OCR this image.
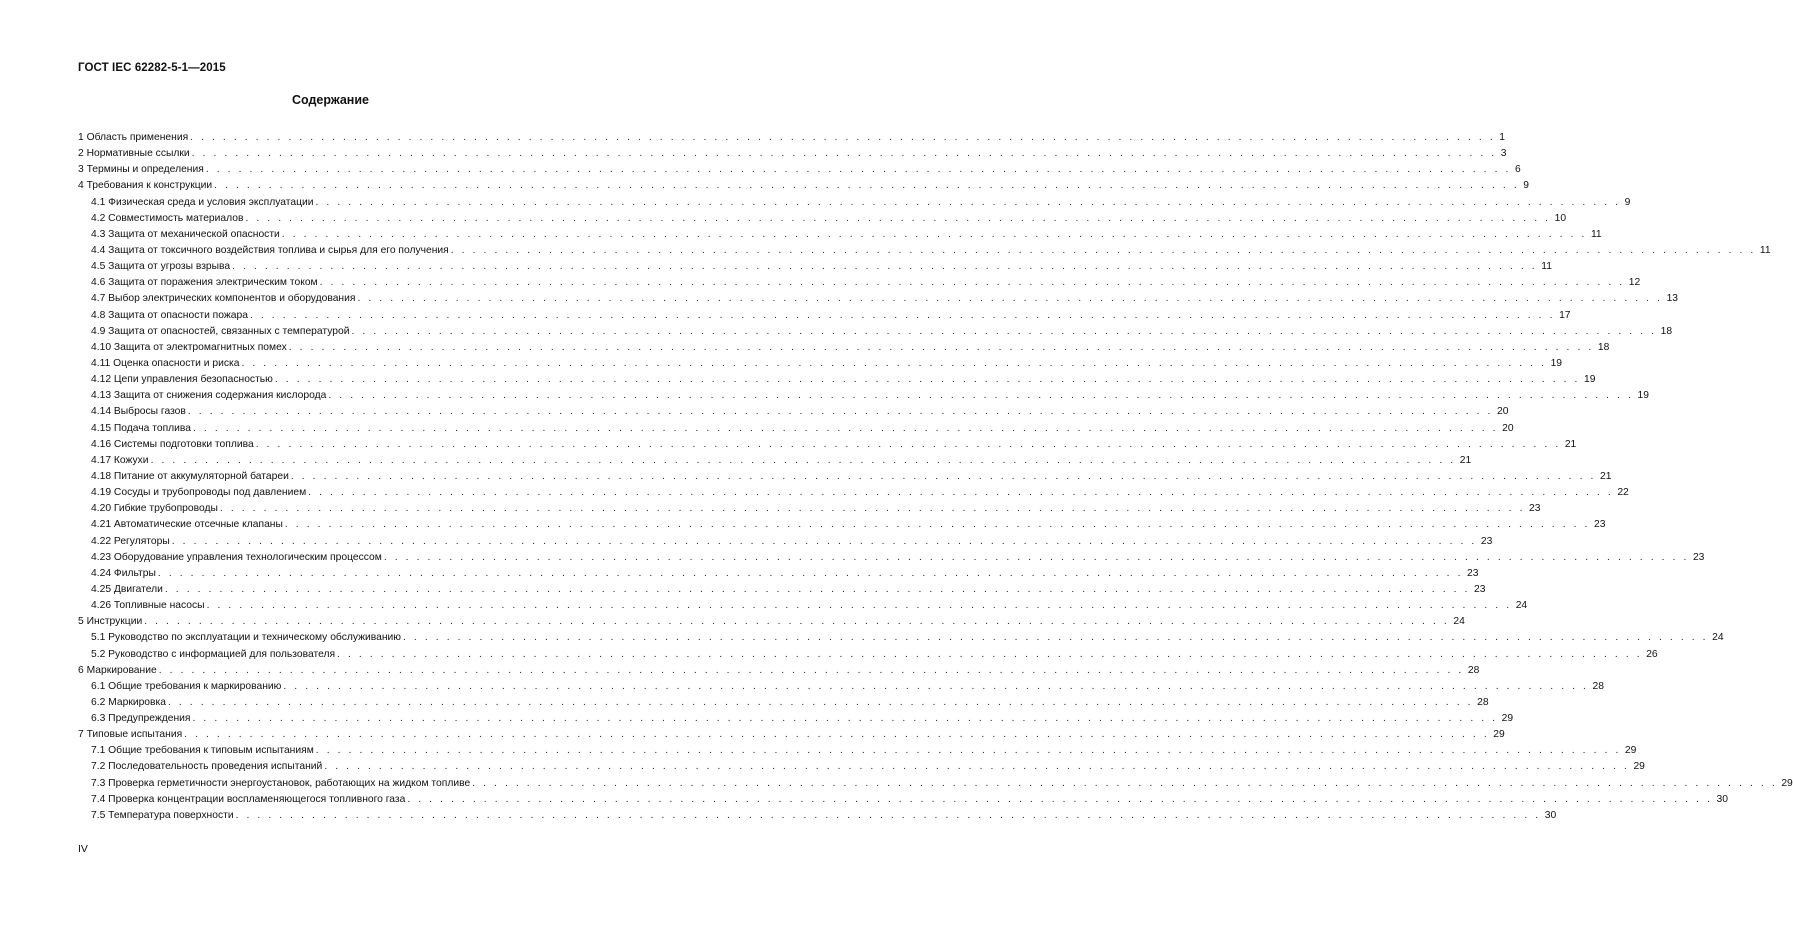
ГОСТ IEC 62282-5-1—2015
Содержание
1 Область применения . . . . . . . . . . . . . . . . . . . . . . . . . . . . . . . . . . . . . . . . . . . . . . . . . . . . . . . . . . . . . . . . . . . . . . . . . . . . . . . . . . . . . . . . . . . . . . . . . . . . . . . . . . . . . . . . . . . . . . . . 1
2 Нормативные ссылки . . . . . . . . . . . . . . . . . . . . . . . . . . . . . . . . . . . . . . . . . . . . . . . . . . . . . . . . . . . . . . . . . . . . . . . . . . . . . . . . . . . . . . . . . . . . . . . . . . . . . . . . . . . . . . . . . . . . . . . . 3
3 Термины и определения . . . . . . . . . . . . . . . . . . . . . . . . . . . . . . . . . . . . . . . . . . . . . . . . . . . . . . . . . . . . . . . . . . . . . . . . . . . . . . . . . . . . . . . . . . . . . . . . . . . . . . . . . . . . . . . . . . . . . . . . 6
4 Требования к конструкции . . . . . . . . . . . . . . . . . . . . . . . . . . . . . . . . . . . . . . . . . . . . . . . . . . . . . . . . . . . . . . . . . . . . . . . . . . . . . . . . . . . . . . . . . . . . . . . . . . . . . . . . . . . . . . . . . . . . . . . . 9
4.1 Физическая среда и условия эксплуатации . . . . . . . . . . . . . . . . . . . . . . . . . . . . . . . . . . . . . . . . . . . . . . . . . . . . . . . . . . . . . . . . . . . . . . . . . . . . . . . . . . . . . . . . . . . . . . . . . . . . . . . . . . . . . . . . . . . . . . . . 9
4.2 Совместимость материалов . . . . . . . . . . . . . . . . . . . . . . . . . . . . . . . . . . . . . . . . . . . . . . . . . . . . . . . . . . . . . . . . . . . . . . . . . . . . . . . . . . . . . . . . . . . . . . . . . . . . . . . . . . . . . . . . . . . . . . . . 10
4.3 Защита от механической опасности . . . . . . . . . . . . . . . . . . . . . . . . . . . . . . . . . . . . . . . . . . . . . . . . . . . . . . . . . . . . . . . . . . . . . . . . . . . . . . . . . . . . . . . . . . . . . . . . . . . . . . . . . . . . . . . . . . . . . . . . 11
4.4 Защита от токсичного воздействия топлива и сырья для его получения . . . . . . . . . . . . . . . . . . . . . . . . . . . . . . . . . . . . . . . . . . . . . . . . . . . . . . . . . . . . . . . . . . . . . . . . . . . . . . . . . . . . . . . . . . . . . . . . . . . . . . . . . . . . . . . . . . . . . . . . 11
4.5 Защита от угрозы взрыва . . . . . . . . . . . . . . . . . . . . . . . . . . . . . . . . . . . . . . . . . . . . . . . . . . . . . . . . . . . . . . . . . . . . . . . . . . . . . . . . . . . . . . . . . . . . . . . . . . . . . . . . . . . . . . . . . . . . . . . . 11
4.6 Защита от поражения электрическим током . . . . . . . . . . . . . . . . . . . . . . . . . . . . . . . . . . . . . . . . . . . . . . . . . . . . . . . . . . . . . . . . . . . . . . . . . . . . . . . . . . . . . . . . . . . . . . . . . . . . . . . . . . . . . . . . . . . . . . . . 12
4.7 Выбор электрических компонентов и оборудования . . . . . . . . . . . . . . . . . . . . . . . . . . . . . . . . . . . . . . . . . . . . . . . . . . . . . . . . . . . . . . . . . . . . . . . . . . . . . . . . . . . . . . . . . . . . . . . . . . . . . . . . . . . . . . . . . . . . . . . . 13
4.8 Защита от опасности пожара . . . . . . . . . . . . . . . . . . . . . . . . . . . . . . . . . . . . . . . . . . . . . . . . . . . . . . . . . . . . . . . . . . . . . . . . . . . . . . . . . . . . . . . . . . . . . . . . . . . . . . . . . . . . . . . . . . . . . . . . 17
4.9 Защита от опасностей, связанных с температурой . . . . . . . . . . . . . . . . . . . . . . . . . . . . . . . . . . . . . . . . . . . . . . . . . . . . . . . . . . . . . . . . . . . . . . . . . . . . . . . . . . . . . . . . . . . . . . . . . . . . . . . . . . . . . . . . . . . . . . . . 18
4.10 Защита от электромагнитных помех . . . . . . . . . . . . . . . . . . . . . . . . . . . . . . . . . . . . . . . . . . . . . . . . . . . . . . . . . . . . . . . . . . . . . . . . . . . . . . . . . . . . . . . . . . . . . . . . . . . . . . . . . . . . . . . . . . . . . . . . 18
4.11 Оценка опасности и риска . . . . . . . . . . . . . . . . . . . . . . . . . . . . . . . . . . . . . . . . . . . . . . . . . . . . . . . . . . . . . . . . . . . . . . . . . . . . . . . . . . . . . . . . . . . . . . . . . . . . . . . . . . . . . . . . . . . . . . . . 19
4.12 Цепи управления безопасностью . . . . . . . . . . . . . . . . . . . . . . . . . . . . . . . . . . . . . . . . . . . . . . . . . . . . . . . . . . . . . . . . . . . . . . . . . . . . . . . . . . . . . . . . . . . . . . . . . . . . . . . . . . . . . . . . . . . . . . . . 19
4.13 Защита от снижения содержания кислорода . . . . . . . . . . . . . . . . . . . . . . . . . . . . . . . . . . . . . . . . . . . . . . . . . . . . . . . . . . . . . . . . . . . . . . . . . . . . . . . . . . . . . . . . . . . . . . . . . . . . . . . . . . . . . . . . . . . . . . . . 19
4.14 Выбросы газов . . . . . . . . . . . . . . . . . . . . . . . . . . . . . . . . . . . . . . . . . . . . . . . . . . . . . . . . . . . . . . . . . . . . . . . . . . . . . . . . . . . . . . . . . . . . . . . . . . . . . . . . . . . . . . . . . . . . . . . . 20
4.15 Подача топлива . . . . . . . . . . . . . . . . . . . . . . . . . . . . . . . . . . . . . . . . . . . . . . . . . . . . . . . . . . . . . . . . . . . . . . . . . . . . . . . . . . . . . . . . . . . . . . . . . . . . . . . . . . . . . . . . . . . . . . . . 20
4.16 Системы подготовки топлива . . . . . . . . . . . . . . . . . . . . . . . . . . . . . . . . . . . . . . . . . . . . . . . . . . . . . . . . . . . . . . . . . . . . . . . . . . . . . . . . . . . . . . . . . . . . . . . . . . . . . . . . . . . . . . . . . . . . . . . . 21
4.17 Кожухи . . . . . . . . . . . . . . . . . . . . . . . . . . . . . . . . . . . . . . . . . . . . . . . . . . . . . . . . . . . . . . . . . . . . . . . . . . . . . . . . . . . . . . . . . . . . . . . . . . . . . . . . . . . . . . . . . . . . . . . . 21
4.18 Питание от аккумуляторной батареи . . . . . . . . . . . . . . . . . . . . . . . . . . . . . . . . . . . . . . . . . . . . . . . . . . . . . . . . . . . . . . . . . . . . . . . . . . . . . . . . . . . . . . . . . . . . . . . . . . . . . . . . . . . . . . . . . . . . . . . . 21
4.19 Сосуды и трубопроводы под давлением . . . . . . . . . . . . . . . . . . . . . . . . . . . . . . . . . . . . . . . . . . . . . . . . . . . . . . . . . . . . . . . . . . . . . . . . . . . . . . . . . . . . . . . . . . . . . . . . . . . . . . . . . . . . . . . . . . . . . . . . 22
4.20 Гибкие трубопроводы . . . . . . . . . . . . . . . . . . . . . . . . . . . . . . . . . . . . . . . . . . . . . . . . . . . . . . . . . . . . . . . . . . . . . . . . . . . . . . . . . . . . . . . . . . . . . . . . . . . . . . . . . . . . . . . . . . . . . . . . 23
4.21 Автоматические отсечные клапаны . . . . . . . . . . . . . . . . . . . . . . . . . . . . . . . . . . . . . . . . . . . . . . . . . . . . . . . . . . . . . . . . . . . . . . . . . . . . . . . . . . . . . . . . . . . . . . . . . . . . . . . . . . . . . . . . . . . . . . . . 23
4.22 Регуляторы . . . . . . . . . . . . . . . . . . . . . . . . . . . . . . . . . . . . . . . . . . . . . . . . . . . . . . . . . . . . . . . . . . . . . . . . . . . . . . . . . . . . . . . . . . . . . . . . . . . . . . . . . . . . . . . . . . . . . . . . 23
4.23 Оборудование управления технологическим процессом . . . . . . . . . . . . . . . . . . . . . . . . . . . . . . . . . . . . . . . . . . . . . . . . . . . . . . . . . . . . . . . . . . . . . . . . . . . . . . . . . . . . . . . . . . . . . . . . . . . . . . . . . . . . . . . . . . . . . . . . 23
4.24 Фильтры . . . . . . . . . . . . . . . . . . . . . . . . . . . . . . . . . . . . . . . . . . . . . . . . . . . . . . . . . . . . . . . . . . . . . . . . . . . . . . . . . . . . . . . . . . . . . . . . . . . . . . . . . . . . . . . . . . . . . . . . 23
4.25 Двигатели . . . . . . . . . . . . . . . . . . . . . . . . . . . . . . . . . . . . . . . . . . . . . . . . . . . . . . . . . . . . . . . . . . . . . . . . . . . . . . . . . . . . . . . . . . . . . . . . . . . . . . . . . . . . . . . . . . . . . . . . 23
4.26 Топливные насосы . . . . . . . . . . . . . . . . . . . . . . . . . . . . . . . . . . . . . . . . . . . . . . . . . . . . . . . . . . . . . . . . . . . . . . . . . . . . . . . . . . . . . . . . . . . . . . . . . . . . . . . . . . . . . . . . . . . . . . . . 24
5 Инструкции . . . . . . . . . . . . . . . . . . . . . . . . . . . . . . . . . . . . . . . . . . . . . . . . . . . . . . . . . . . . . . . . . . . . . . . . . . . . . . . . . . . . . . . . . . . . . . . . . . . . . . . . . . . . . . . . . . . . . . . . 24
5.1 Руководство по эксплуатации и техническому обслуживанию . . . . . . . . . . . . . . . . . . . . . . . . . . . . . . . . . . . . . . . . . . . . . . . . . . . . . . . . . . . . . . . . . . . . . . . . . . . . . . . . . . . . . . . . . . . . . . . . . . . . . . . . . . . . . . . . . . . . . . . . 24
5.2 Руководство с информацией для пользователя . . . . . . . . . . . . . . . . . . . . . . . . . . . . . . . . . . . . . . . . . . . . . . . . . . . . . . . . . . . . . . . . . . . . . . . . . . . . . . . . . . . . . . . . . . . . . . . . . . . . . . . . . . . . . . . . . . . . . . . . 26
6 Маркирование . . . . . . . . . . . . . . . . . . . . . . . . . . . . . . . . . . . . . . . . . . . . . . . . . . . . . . . . . . . . . . . . . . . . . . . . . . . . . . . . . . . . . . . . . . . . . . . . . . . . . . . . . . . . . . . . . . . . . . . . 28
6.1 Общие требования к маркированию . . . . . . . . . . . . . . . . . . . . . . . . . . . . . . . . . . . . . . . . . . . . . . . . . . . . . . . . . . . . . . . . . . . . . . . . . . . . . . . . . . . . . . . . . . . . . . . . . . . . . . . . . . . . . . . . . . . . . . . . 28
6.2 Маркировка . . . . . . . . . . . . . . . . . . . . . . . . . . . . . . . . . . . . . . . . . . . . . . . . . . . . . . . . . . . . . . . . . . . . . . . . . . . . . . . . . . . . . . . . . . . . . . . . . . . . . . . . . . . . . . . . . . . . . . . . 28
6.3 Предупреждения . . . . . . . . . . . . . . . . . . . . . . . . . . . . . . . . . . . . . . . . . . . . . . . . . . . . . . . . . . . . . . . . . . . . . . . . . . . . . . . . . . . . . . . . . . . . . . . . . . . . . . . . . . . . . . . . . . . . . . . . 29
7 Типовые испытания . . . . . . . . . . . . . . . . . . . . . . . . . . . . . . . . . . . . . . . . . . . . . . . . . . . . . . . . . . . . . . . . . . . . . . . . . . . . . . . . . . . . . . . . . . . . . . . . . . . . . . . . . . . . . . . . . . . . . . . . 29
7.1 Общие требования к типовым испытаниям . . . . . . . . . . . . . . . . . . . . . . . . . . . . . . . . . . . . . . . . . . . . . . . . . . . . . . . . . . . . . . . . . . . . . . . . . . . . . . . . . . . . . . . . . . . . . . . . . . . . . . . . . . . . . . . . . . . . . . . . 29
7.2 Последовательность проведения испытаний . . . . . . . . . . . . . . . . . . . . . . . . . . . . . . . . . . . . . . . . . . . . . . . . . . . . . . . . . . . . . . . . . . . . . . . . . . . . . . . . . . . . . . . . . . . . . . . . . . . . . . . . . . . . . . . . . . . . . . . . 29
7.3 Проверка герметичности энергоустановок, работающих на жидком топливе . . . . . . . . . . . . . . . . . . . . . . . . . . . . . . . . . . . . . . . . . . . . . . . . . . . . . . . . . . . . . . . . . . . . . . . . . . . . . . . . . . . . . . . . . . . . . . . . . . . . . . . . . . . . . . . . . . . . . . . . 29
7.4 Проверка концентрации воспламеняющегося топливного газа . . . . . . . . . . . . . . . . . . . . . . . . . . . . . . . . . . . . . . . . . . . . . . . . . . . . . . . . . . . . . . . . . . . . . . . . . . . . . . . . . . . . . . . . . . . . . . . . . . . . . . . . . . . . . . . . . . . . . . . . 30
7.5 Температура поверхности . . . . . . . . . . . . . . . . . . . . . . . . . . . . . . . . . . . . . . . . . . . . . . . . . . . . . . . . . . . . . . . . . . . . . . . . . . . . . . . . . . . . . . . . . . . . . . . . . . . . . . . . . . . . . . . . . . . . . . . . 30
IV
